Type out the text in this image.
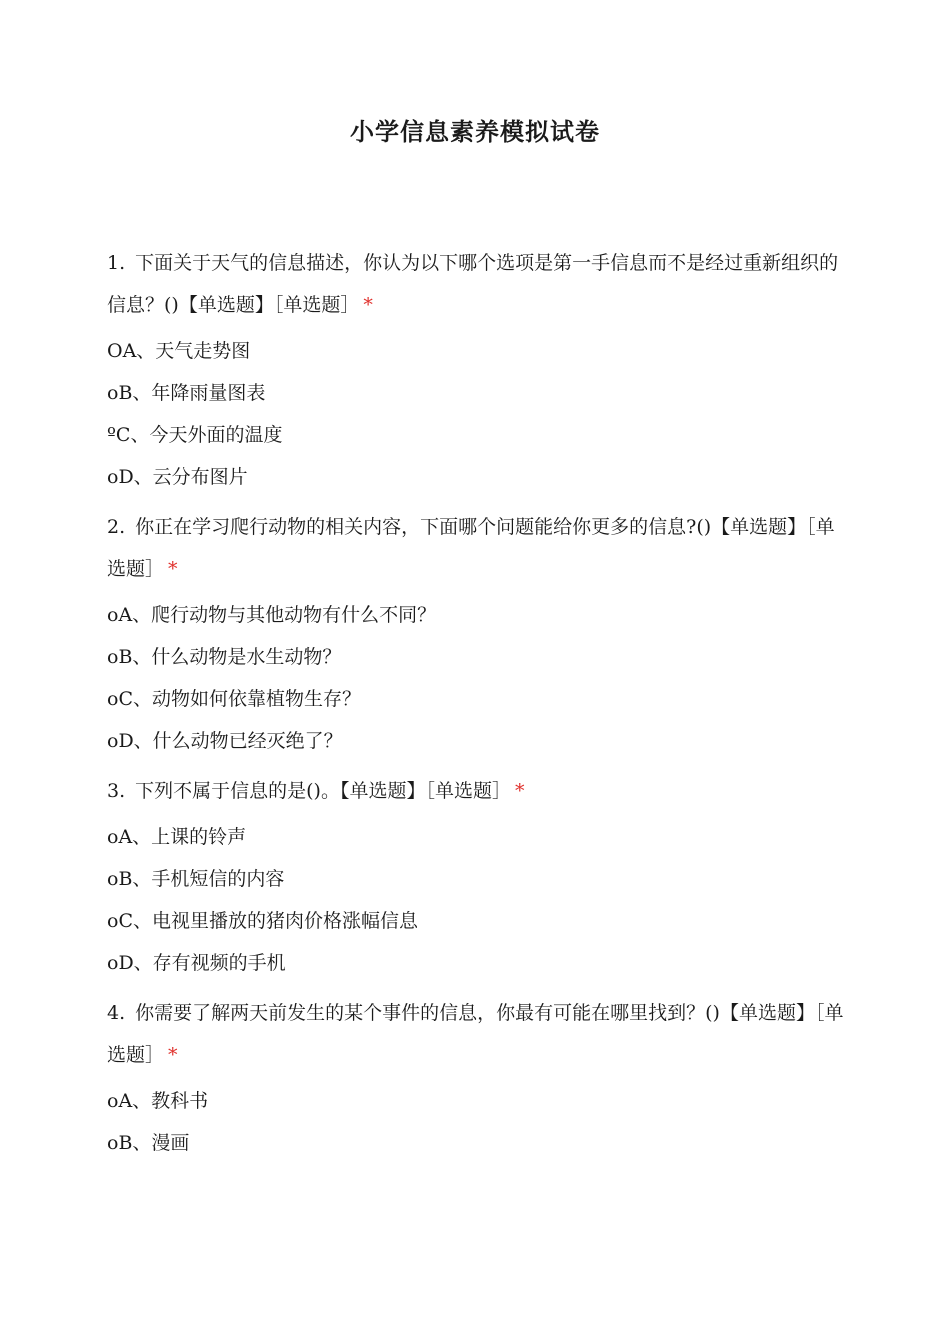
小学信息素养模拟试卷
1. 下面关于天气的信息描述，你认为以下哪个选项是第一手信息而不是经过重新组织的信息？()【单选题】［单选题］ *
OA、天气走势图
oB、年降雨量图表
ºC、今天外面的温度
oD、云分布图片
2. 你正在学习爬行动物的相关内容，下面哪个问题能给你更多的信息?()【单选题】［单选题］ *
oA、爬行动物与其他动物有什么不同？
oB、什么动物是水生动物？
oC、动物如何依靠植物生存？
oD、什么动物已经灭绝了？
3. 下列不属于信息的是()。【单选题】［单选题］ *
oA、上课的铃声
oB、手机短信的内容
oC、电视里播放的猪肉价格涨幅信息
oD、存有视频的手机
4. 你需要了解两天前发生的某个事件的信息，你最有可能在哪里找到？()【单选题】［单选题］ *
oA、教科书
oB、漫画
